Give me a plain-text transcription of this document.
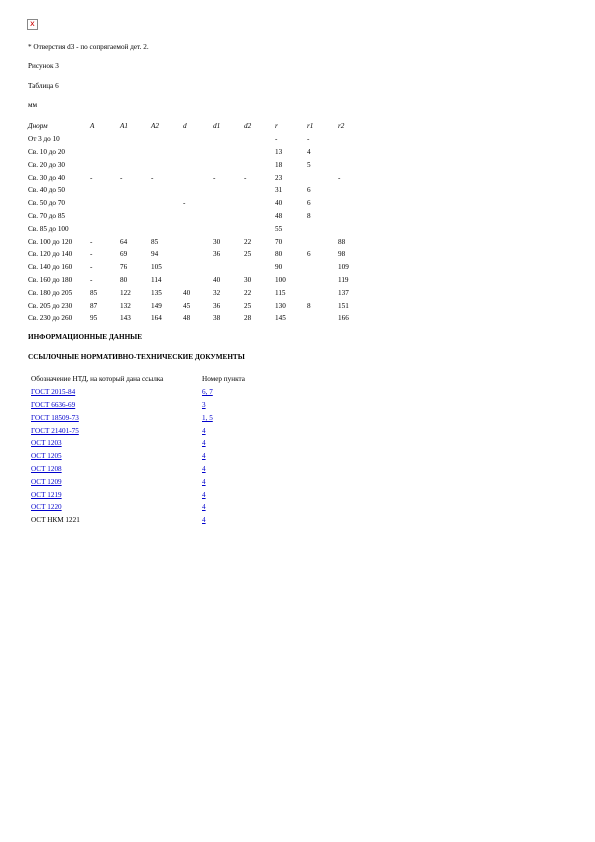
x
* Отверстия d3 - по сопрягаемой дет. 2.
Рисунок 3
Таблица 6
мм
Днорм	A	A1	A2	d	d1	d2	r	r1	r2
От 3 до 10							-	-	
Св. 10 до 20							13	4	
Св. 20 до 30							18	5	
Св. 30 до 40	-	-	-		-	-	23		-
Св. 40 до 50							31	6	
Св. 50 до 70				-			40	6	
Св. 70 до 85							48	8	
Св. 85 до 100							55		
Св. 100 до 120	-	64	85		30	22	70		88
Св. 120 до 140	-	69	94		36	25	80	6	98
Св. 140 до 160	-	76	105				90		109
Св. 160 до 180	-	80	114		40	30	100		119
Св. 180 до 205	85	122	135	40	32	22	115		137
Св. 205 до 230	87	132	149	45	36	25	130	8	151
Св. 230 до 260	95	143	164	48	38	28	145		166
ИНФОРМАЦИОННЫЕ ДАННЫЕ
ССЫЛОЧНЫЕ НОРМАТИВНО-ТЕХНИЧЕСКИЕ ДОКУМЕНТЫ
Обозначение НТД, на который дана ссылка	Номер пункта
ГОСТ 2015-84	6, 7
ГОСТ 6636-69	3
ГОСТ 18509-73	1, 5
ГОСТ 21401-75	4
ОСТ 1203	4
ОСТ 1205	4
ОСТ 1208	4
ОСТ 1209	4
ОСТ 1219	4
ОСТ 1220	4
ОСТ НКМ 1221	4
